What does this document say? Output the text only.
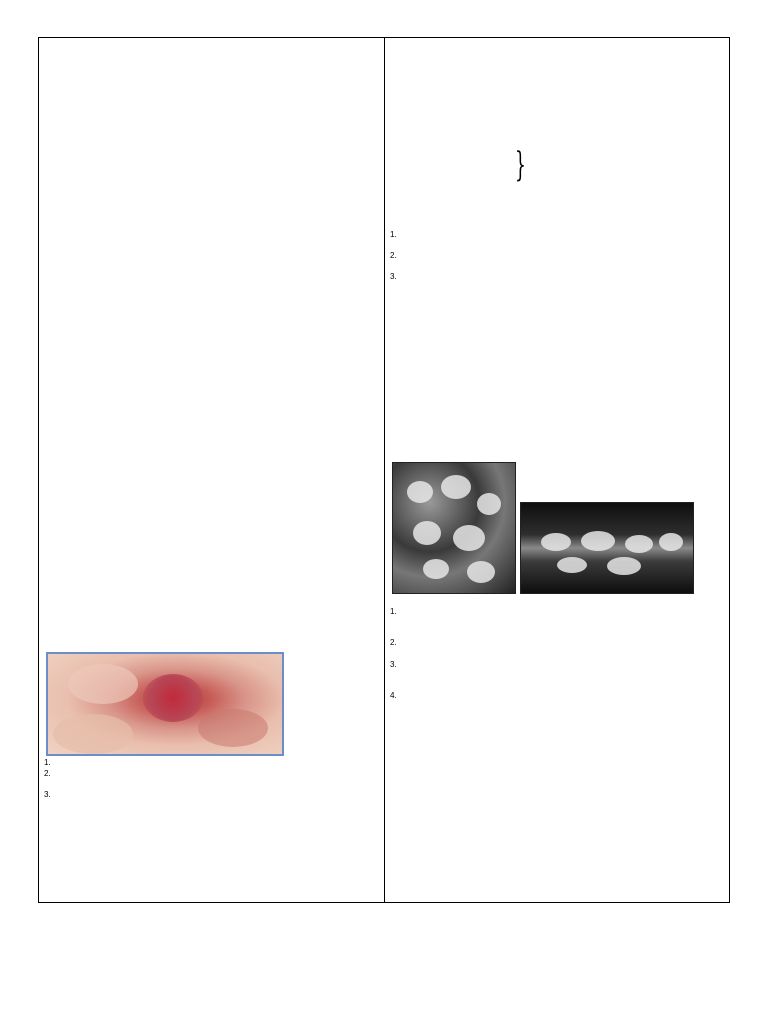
1.
2.
3.
1.
2.
3.
}
1.
2.
3.
4.
